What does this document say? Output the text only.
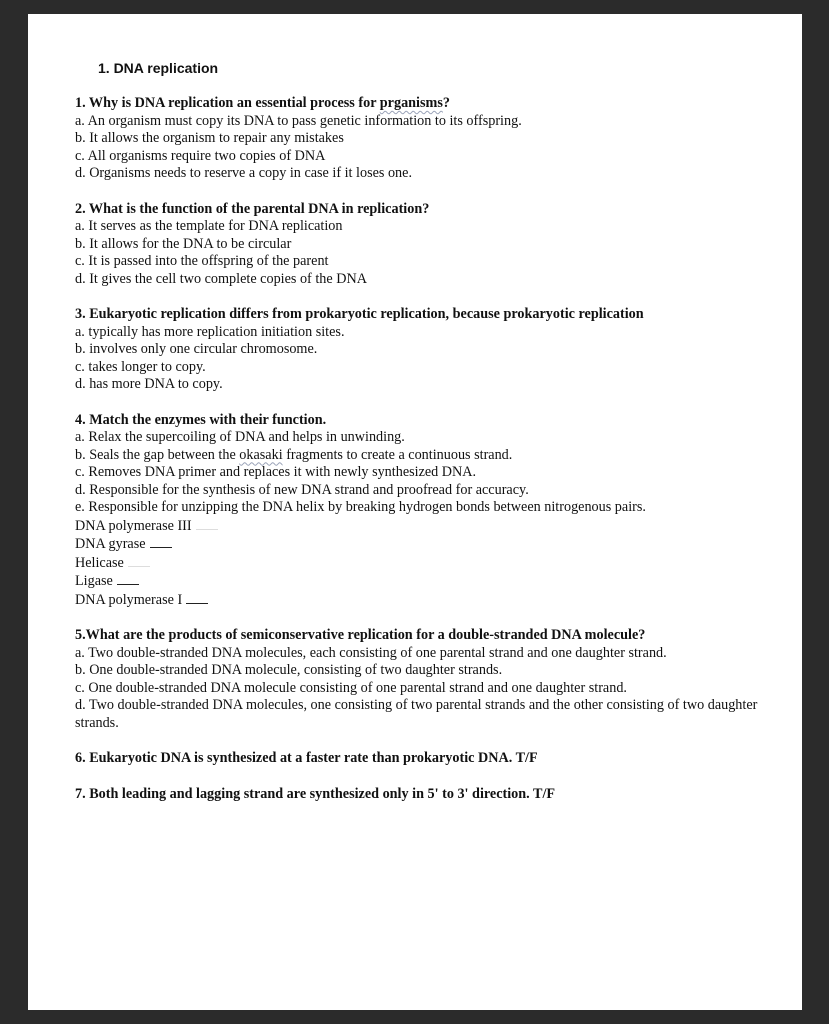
1. DNA replication
1. Why is DNA replication an essential process for prganisms?
a. An organism must copy its DNA to pass genetic information to its offspring.
b. It allows the organism to repair any mistakes
c. All organisms require two copies of DNA
d. Organisms needs to reserve a copy in case if it loses one.
2. What is the function of the parental DNA in replication?
a. It serves as the template for DNA replication
b. It allows for the DNA to be circular
c. It is passed into the offspring of the parent
d. It gives the cell two complete copies of the DNA
3. Eukaryotic replication differs from prokaryotic replication, because prokaryotic replication
a. typically has more replication initiation sites.
b. involves only one circular chromosome.
c. takes longer to copy.
d. has more DNA to copy.
4. Match the enzymes with their function.
a. Relax the supercoiling of DNA and helps in unwinding.
b. Seals the gap between the okasaki fragments to create a continuous strand.
c. Removes DNA primer and replaces it with newly synthesized DNA.
d. Responsible for the synthesis of new DNA strand and proofread for accuracy.
e. Responsible for unzipping the DNA helix by breaking hydrogen bonds between nitrogenous pairs.
DNA polymerase III
DNA gyrase
Helicase
Ligase
DNA polymerase I
5.What are the products of semiconservative replication for a double-stranded DNA molecule?
a. Two double-stranded DNA molecules, each consisting of one parental strand and one daughter strand.
b. One double-stranded DNA molecule, consisting of two daughter strands.
c. One double-stranded DNA molecule consisting of one parental strand and one daughter strand.
d. Two double-stranded DNA molecules, one consisting of two parental strands and the other consisting of two daughter strands.
6. Eukaryotic DNA is synthesized at a faster rate than prokaryotic DNA. T/F
7. Both leading and lagging strand are synthesized only in 5' to 3' direction. T/F
